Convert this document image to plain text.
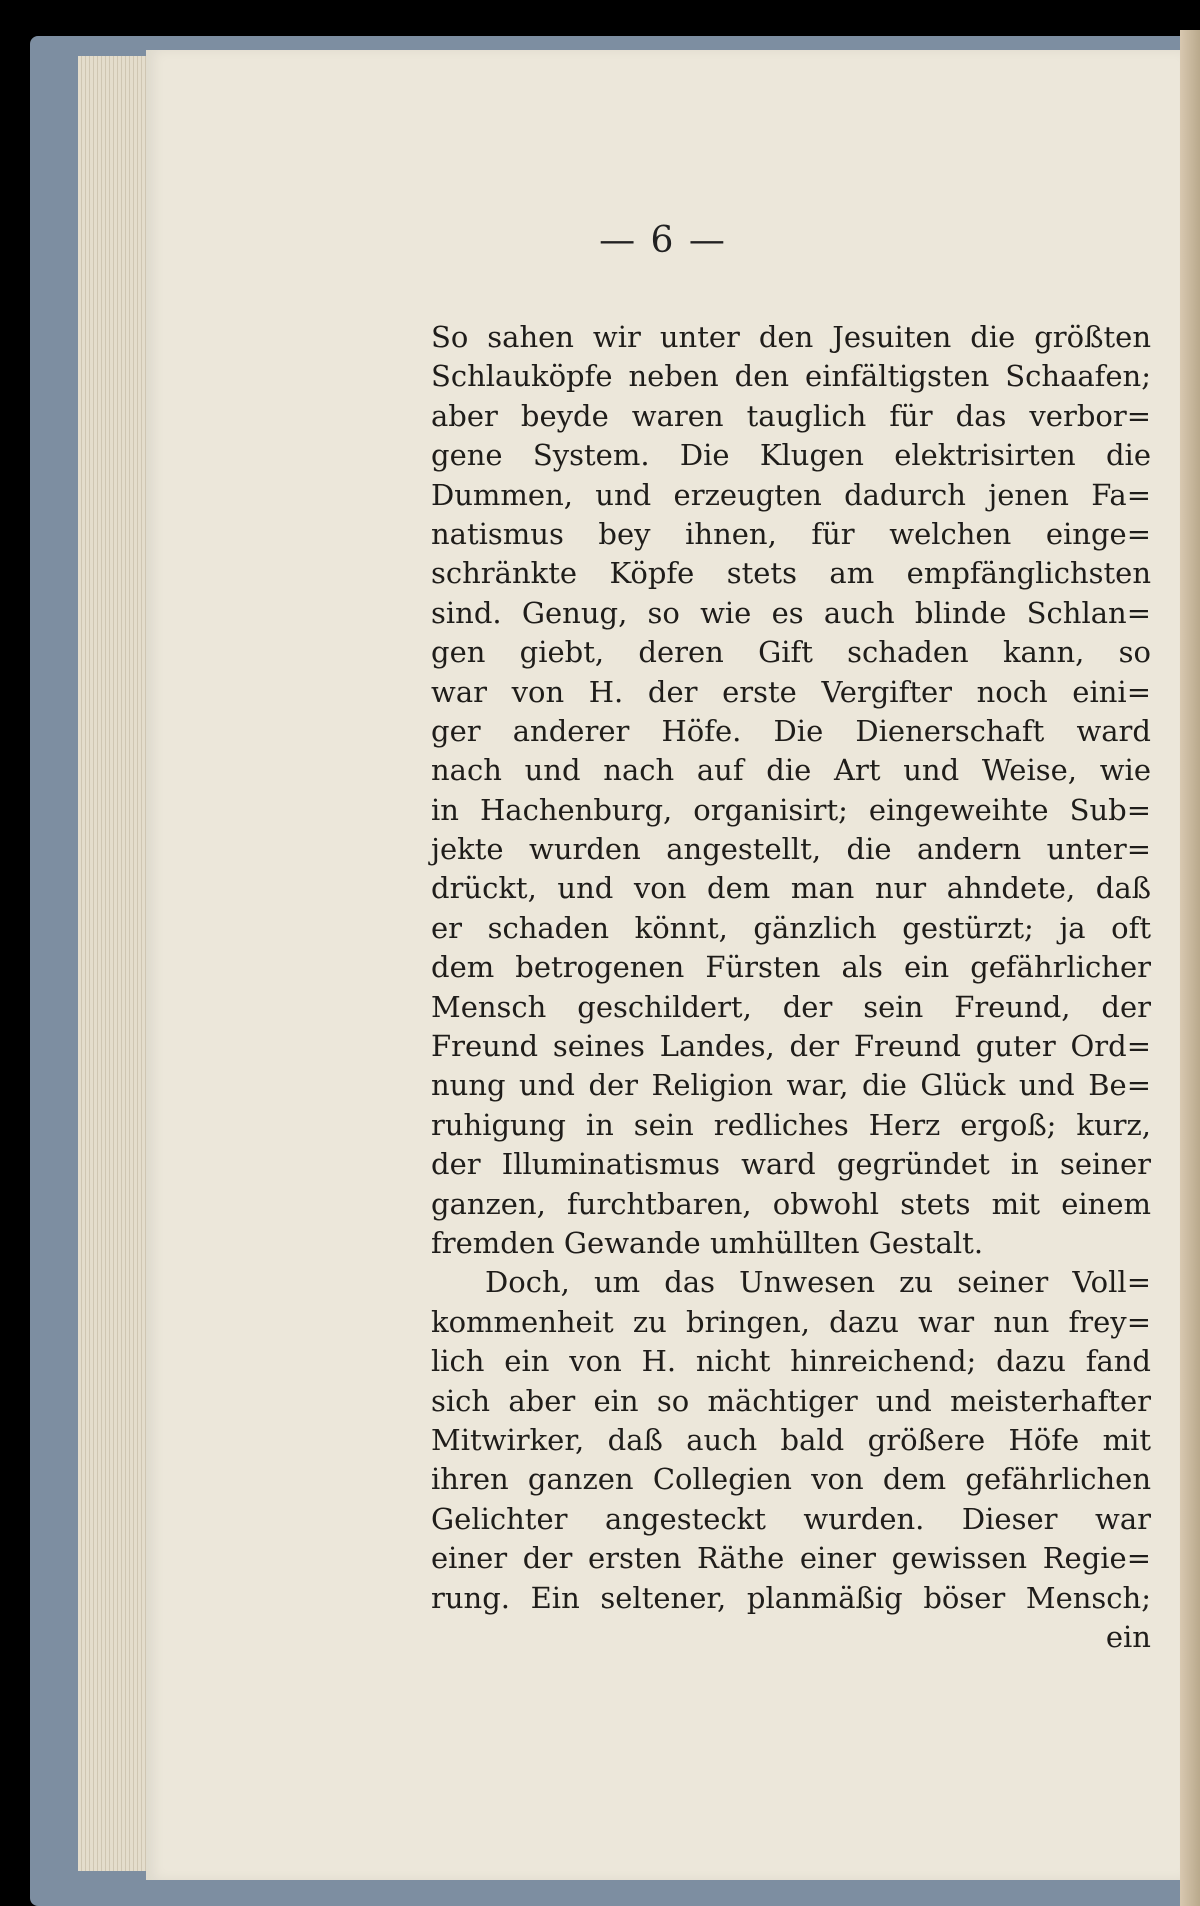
— 6 —
So sahen wir unter den Jesuiten die größten
Schlauköpfe neben den einfältigsten Schaafen;
aber beyde waren tauglich für das verbor=
gene System. Die Klugen elektrisirten die
Dummen, und erzeugten dadurch jenen Fa=
natismus bey ihnen, für welchen einge=
schränkte Köpfe stets am empfänglichsten
sind. Genug, so wie es auch blinde Schlan=
gen giebt, deren Gift schaden kann, so
war von H. der erste Vergifter noch eini=
ger anderer Höfe. Die Dienerschaft ward
nach und nach auf die Art und Weise, wie
in Hachenburg, organisirt; eingeweihte Sub=
jekte wurden angestellt, die andern unter=
drückt, und von dem man nur ahndete, daß
er schaden könnt, gänzlich gestürzt; ja oft
dem betrogenen Fürsten als ein gefährlicher
Mensch geschildert, der sein Freund, der
Freund seines Landes, der Freund guter Ord=
nung und der Religion war, die Glück und Be=
ruhigung in sein redliches Herz ergoß; kurz,
der Illuminatismus ward gegründet in seiner
ganzen, furchtbaren, obwohl stets mit einem
fremden Gewande umhüllten Gestalt.
Doch, um das Unwesen zu seiner Voll=
kommenheit zu bringen, dazu war nun frey=
lich ein von H. nicht hinreichend; dazu fand
sich aber ein so mächtiger und meisterhafter
Mitwirker, daß auch bald größere Höfe mit
ihren ganzen Collegien von dem gefährlichen
Gelichter angesteckt wurden. Dieser war
einer der ersten Räthe einer gewissen Regie=
rung. Ein seltener, planmäßig böser Mensch;
ein
